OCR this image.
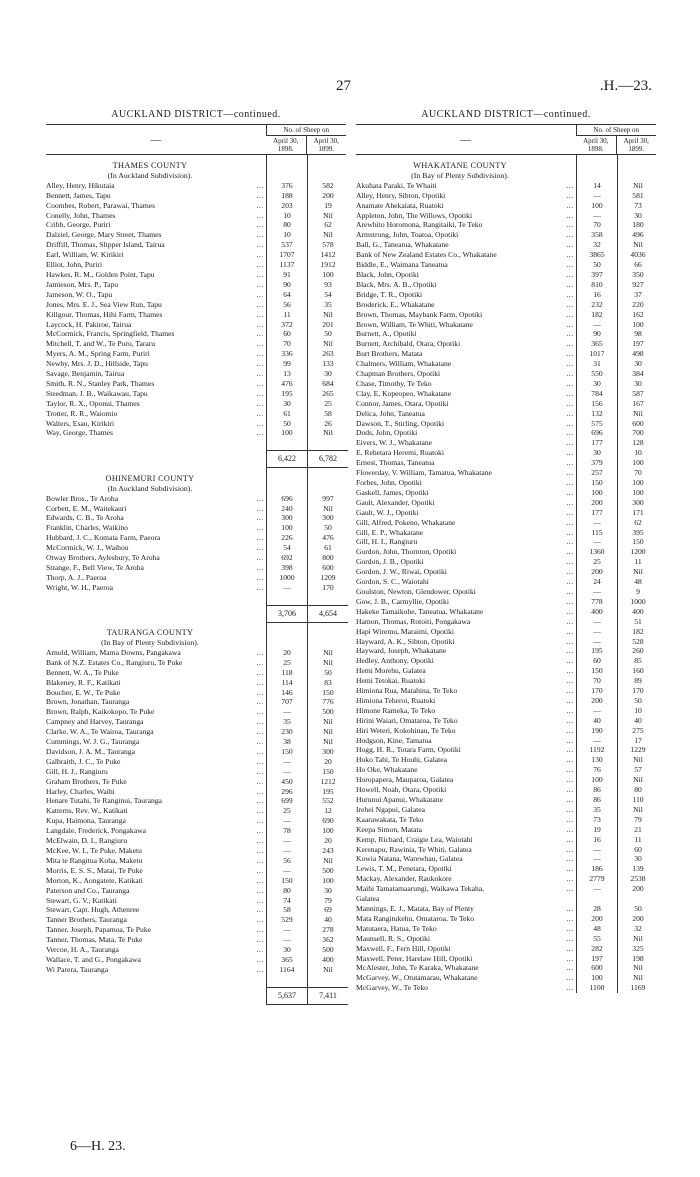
27	.H.—23.
AUCKLAND DISTRICT—continued.
—	No. of Sheep on	
	April 30, 1898.	April 30, 1899.
THAMES COUNTY			
(In Auckland Subdivision).			
Alley, Henry, Hikutaia	...	376	582
Bennett, James, Tapu	...	188	200
Coombes, Robert, Parawai, Thames	...	203	19
Conelly, John, Thames	...	10	Nil
Cribb, George, Puriri	...	80	62
Dalziel, George, Mary Street, Thames	...	10	Nil
Driffill, Thomas, Slipper Island, Tairua	...	537	578
Earl, William, W. Kirikiri	...	1707	1412
Elliot, John, Puriri	...	1137	1912
Hawkes, R. M., Golden Point, Tapu	...	91	100
Jamieson, Mrs. P., Tapu	...	90	93
Jameson, W. O., Tapu	...	64	54
Jones, Mrs. E. J., Sea View Run, Tapu	...	56	35
Killgour, Thomas, Hihi Farm, Thames	...	11	Nil
Laycock, H. Pakiroe, Tairua	...	372	201
McCormick, Francis, Springfield, Thames	...	60	50
Mitchell, T. and W., Te Puru, Tararu	...	70	Nil
Myers, A. M., Spring Farm, Puriri	...	336	263
Newby, Mrs. J. D., Hillside, Tapu	...	99	133
Savage, Benjamin, Tairua	...	13	30
Smith, R. N., Stanley Park, Thames	...	476	684
Steedman, J. B., Waikawau, Tapu	...	195	265
Taylor, R. X., Oponui, Thames	...	30	25
Trotter, R. R., Waiomio	...	61	58
Walters, Esau, Kirikiri	...	50	26
Way, George, Thames	...	100	Nil

		6,422	6,782
OHINEMURI COUNTY			
(In Auckland Subdivision).			
Bowler Bros., Te Aroha	...	696	997
Corbett, E. M., Waitekauri	...	240	Nil
Edwards, C. B., Te Aroha	...	300	300
Franklin, Charles, Waikino	...	100	50
Hubbard, J. C., Komata Farm, Paeora	...	226	476
McCormick, W. J., Waihou	...	54	61
Otway Brothers, Aylesbury, Te Aroha	...	692	800
Strange, F., Bell View, Te Aroha	...	398	600
Thorp, A. J., Paeroa	...	1000	1209
Wright, W. H., Paeroa	...	—	170

		3,706	4,654
TAURANGA COUNTY			
(In Bay of Plenty Subdivision).			
Arnold, William, Mama Downs, Pangakawa	...	20	Nil
Bank of N.Z. Estates Co., Rangiuru, Te Puke	...	25	Nil
Bennett, W. A., Te Puke	...	118	50
Blakeney, R. F., Katikati	...	114	83
Boucher, E. W., Te Puke	...	146	150
Brown, Jonathan, Tauranga	...	707	776
Brown, Ralph, Kaikokopo, Te Puke	...	—	500
Campney and Harvey, Tauranga	...	35	Nil
Clarke, W. A., Te Wairoa, Tauranga	...	230	Nil
Cummings, W. J. G., Tauranga	...	38	Nil
Davidson, J. A. M., Tauranga	...	150	300
Galbraith, J. C., Te Puke	...	—	20
Gill, H. J., Rangiuru	...	—	150
Graham Brothers, Te Puke	...	450	1212
Harley, Charles, Waihi	...	296	195
Henare Tutahi, Te Ranginui, Tauranga	...	699	552
Katterns, Rev. W., Katikati	...	25	12
Kupa, Haimona, Tauranga	...	—	690
Langdale, Frederick, Pongakawa	...	78	100
McElwain, D. I., Rangiuru	...	—	20
McKee, W. I., Te Puke, Maketu	...	—	243
Mita te Rangitua Koha, Maketu	...	56	Nil
Morris, E. S. S., Matai, Te Puke	...	—	500
Morton, K., Aongatete, Katikati	...	150	100
Paterson and Co., Tauranga	...	80	30
Stewart, G. V., Katikati	...	74	79
Stewart, Capt. Hugh, Athenree	...	58	69
Tanner Brothers, Tauranga	...	529	40
Tanner, Joseph, Papamoa, Te Puke	...	—	278
Tanner, Thomas, Mata, Te Puke	...	—	362
Vercoe, H. A., Tauranga	...	30	500
Wallace, T. and G., Pongakawa	...	365	400
Wi Parera, Tauranga	...	1164	Nil

		5,637	7,411
AUCKLAND DISTRICT—continued.
—	No. of Sheep on	
	April 30, 1898.	April 30, 1899.
WHAKATANE COUNTY			
(In Bay of Plenty Subdivision).			
Akuhata Paraki, Te Whaiti	...	14	Nil
Alley, Henry, Sibton, Opotiki	...	—	581
Anamate Ahekaiata, Ruatoki	...	100	73
Appleton, John, The Willows, Opotiki	...	—	30
Arewhito Horomona, Rangitaiki, Te Teko	...	70	180
Armstrong, John, Toatoa, Opotiki	...	358	496
Ball, G., Taneatua, Whakatane	...	32	Nil
Bank of New Zealand Estates Co., Whakatane	...	3865	4036
Biddle, E., Waimana Taneatua	...	50	66
Black, John, Opotiki	...	397	350
Black, Mrs. A. B., Opotiki	...	810	927
Bridge, T. R., Opotiki	...	16	37
Broderick, E., Whakatane	...	232	220
Brown, Thomas, Maybank Farm, Opotiki	...	182	162
Brown, William, Te Whiti, Whakatane	...	—	100
Burnett, A., Opotiki	...	90	98
Burnett, Archibald, Otara, Opotiki	...	365	197
Burt Brothers, Matata	...	1017	498
Chalmers, William, Whakatane	...	31	30
Chapman Brothers, Opotiki	...	550	384
Chase, Timothy, Te Teko	...	30	30
Clay, E, Kopeopeo, Whakatane	...	784	587
Connor, James, Otara, Opotiki	...	156	167
Delica, John, Taneatua	...	132	Nil
Dawson, T., Stirling, Opotiki	...	575	600
Dods, John, Opotiki	...	696	700
Eivers, W. J., Whakatane	...	177	128
E. Rehetara Heremi, Ruatoki	...	30	10
Ernest, Thomas, Taneatua	...	379	100
Flowerday, V. William, Tamatua, Whakatane	...	257	70
Forbes, John, Opotiki	...	150	100
Gaskell, James, Opotiki	...	100	100
Gault, Alexander, Opotiki	...	200	300
Gault, W. J., Opotiki	...	177	171
Gill, Alfred, Pokeno, Whakatane	...	—	62
Gill, E. P., Whakatane	...	115	395
Gill, H. I., Rangiuru	...	—	150
Gordon, John, Thornton, Opotiki	...	1360	1200
Gordon, J. B., Opotiki	...	25	11
Gordon, J. W., Riwai, Opotiki	...	200	Nil
Gordon, S. C., Waiotahi	...	24	48
Goulston, Newton, Glendower, Opotiki	...	—	9
Gow, J. B., Carmyllie, Opotiki	...	778	1000
Hakeke Tamaikohe, Taneatua, Whakatane	...	400	400
Hamon, Thomas, Rotoiti, Pongakawa	...	—	51
Hapi Wiremu, Maraimi, Opotiki	...	—	182
Hayward, A. K., Sibton, Opotiki	...	—	528
Hayward, Joseph, Whakatane	...	195	260
Hedley, Anthony, Opotiki	...	60	85
Hemi Morehu, Galatea	...	150	160
Hemi Tetokai, Ruatoki	...	70	89
Himiona Rua, Matahina, Te Teko	...	170	170
Himiona Teheroi, Ruatoki	...	200	50
Himone Rameka, Te Teko	...	—	10
Hirini Waiari, Omataroa, Te Teko	...	40	40
Hiri Weteri, Kokohinau, Te Teko	...	190	275
Hodgson, Kine, Tamatua	...	—	17
Hogg, H. R., Totara Farm, Opotiki	...	1192	1229
Hoko Tahi, Te Houhi, Galatea	...	130	Nil
Ho Oke, Whakatane	...	76	57
Horopapera, Mauparoa, Galatea	...	100	Nil
Howell, Noah, Otara, Opotiki	...	86	80
Hurunui Apanui, Whakatane	...	86	110
Irehei Ngapui, Galatea	...	35	Nil
Kaarawakata, Te Teko	...	73	79
Keepa Simon, Matata	...	19	21
Kemp, Richard, Craigie Lea, Waiotahi	...	16	11
Kerenapu, Rawinia, Te Whiti, Galatea	...	—	60
Kowia Natana, Warewhau, Galatea	...	—	30
Lewis, T. M., Penetara, Opotiki	...	186	139
Mackay, Alexander, Raukokore	...	2779	2538
Maihi Tamatamaarungi, Waikawa Tekaha,	...	—	200
Galatea			
Mannings, E. J., Matata, Bay of Plenty	...	28	50
Mata Rangitukehu, Omataroa, Te Teko	...	200	200
Matutaera, Hatua, Te Teko	...	48	32
Maunsell, R. S., Opotiki	...	55	Nil
Maxwell, F., Fern Hill, Opotiki	...	282	325
Maxwell, Peter, Harelaw Hill, Opotiki	...	197	198
McAlester, John, Te Karaka, Whakatane	...	600	Nil
McGarvey, W., Otutamarau, Whakatane	...	100	Nil
McGarvey, W., Te Teko	...	1100	1169
6—H. 23.
